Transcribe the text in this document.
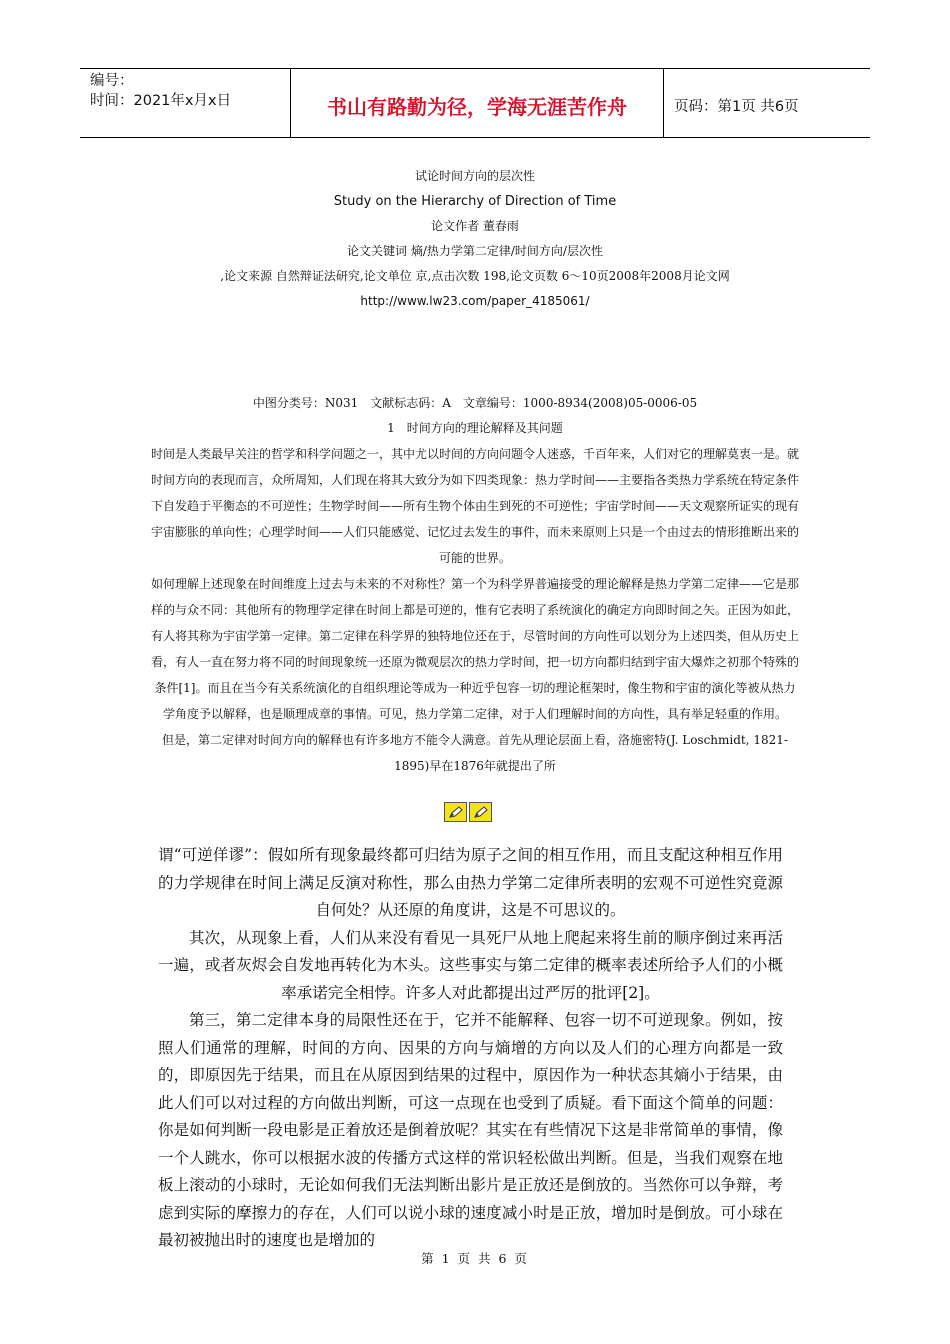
编号：
时间：2021年x月x日	书山有路勤为径，学海无涯苦作舟	页码：第1页 共6页
试论时间方向的层次性
Study on the Hierarchy of Direction of Time
论文作者 董春雨
论文关键词 熵/热力学第二定律/时间方向/层次性
,论文来源 自然辩证法研究,论文单位 京,点击次数 198,论文页数 6～10页2008年2008月论文网
http://www.lw23.com/paper_4185061/
中图分类号：N031　文献标志码：A　文章编号：1000-8934(2008)05-0006-05
1　时间方向的理论解释及其问题

时间是人类最早关注的哲学和科学问题之一，其中尤以时间的方向问题令人迷惑，千百年来，人们对它的理解莫衷一是。就时间方向的表现而言，众所周知，人们现在将其大致分为如下四类现象：热力学时间——主要指各类热力学系统在特定条件下自发趋于平衡态的不可逆性；生物学时间——所有生物个体由生到死的不可逆性；宇宙学时间——天文观察所证实的现有宇宙膨胀的单向性；心理学时间——人们只能感觉、记忆过去发生的事件，而未来原则上只是一个由过去的情形推断出来的可能的世界。

如何理解上述现象在时间维度上过去与未来的不对称性？第一个为科学界普遍接受的理论解释是热力学第二定律——它是那样的与众不同：其他所有的物理学定律在时间上都是可逆的，惟有它表明了系统演化的确定方向即时间之矢。正因为如此，有人将其称为宇宙学第一定律。第二定律在科学界的独特地位还在于，尽管时间的方向性可以划分为上述四类，但从历史上看，有人一直在努力将不同的时间现象统一还原为微观层次的热力学时间，把一切方向都归结到宇宙大爆炸之初那个特殊的条件[1]。而且在当今有关系统演化的自组织理论等成为一种近乎包容一切的理论框架时，像生物和宇宙的演化等被从热力学角度予以解释，也是顺理成章的事情。可见，热力学第二定律，对于人们理解时间的方向性，具有举足轻重的作用。

但是，第二定律对时间方向的解释也有许多地方不能令人满意。首先从理论层面上看，洛施密特(J. Loschmidt, 1821-1895)早在1876年就提出了所

谓“可逆佯谬”：假如所有现象最终都可归结为原子之间的相互作用，而且支配这种相互作用的力学规律在时间上满足反演对称性，那么由热力学第二定律所表明的宏观不可逆性究竟源自何处？从还原的角度讲，这是不可思议的。

其次，从现象上看，人们从来没有看见一具死尸从地上爬起来将生前的顺序倒过来再活一遍，或者灰烬会自发地再转化为木头。这些事实与第二定律的概率表述所给予人们的小概率承诺完全相悖。许多人对此都提出过严厉的批评[2]。

第三，第二定律本身的局限性还在于，它并不能解释、包容一切不可逆现象。例如，按照人们通常的理解，时间的方向、因果的方向与熵增的方向以及人们的心理方向都是一致的，即原因先于结果，而且在从原因到结果的过程中，原因作为一种状态其熵小于结果，由此人们可以对过程的方向做出判断，可这一点现在也受到了质疑。看下面这个简单的问题：你是如何判断一段电影是正着放还是倒着放呢？其实在有些情况下这是非常简单的事情，像一个人跳水，你可以根据水波的传播方式这样的常识轻松做出判断。但是，当我们观察在地板上滚动的小球时，无论如何我们无法判断出影片是正放还是倒放的。当然你可以争辩，考虑到实际的摩擦力的存在，人们可以说小球的速度减小时是正放，增加时是倒放。可小球在最初被抛出时的速度也是增加的

第 1 页 共 6 页
